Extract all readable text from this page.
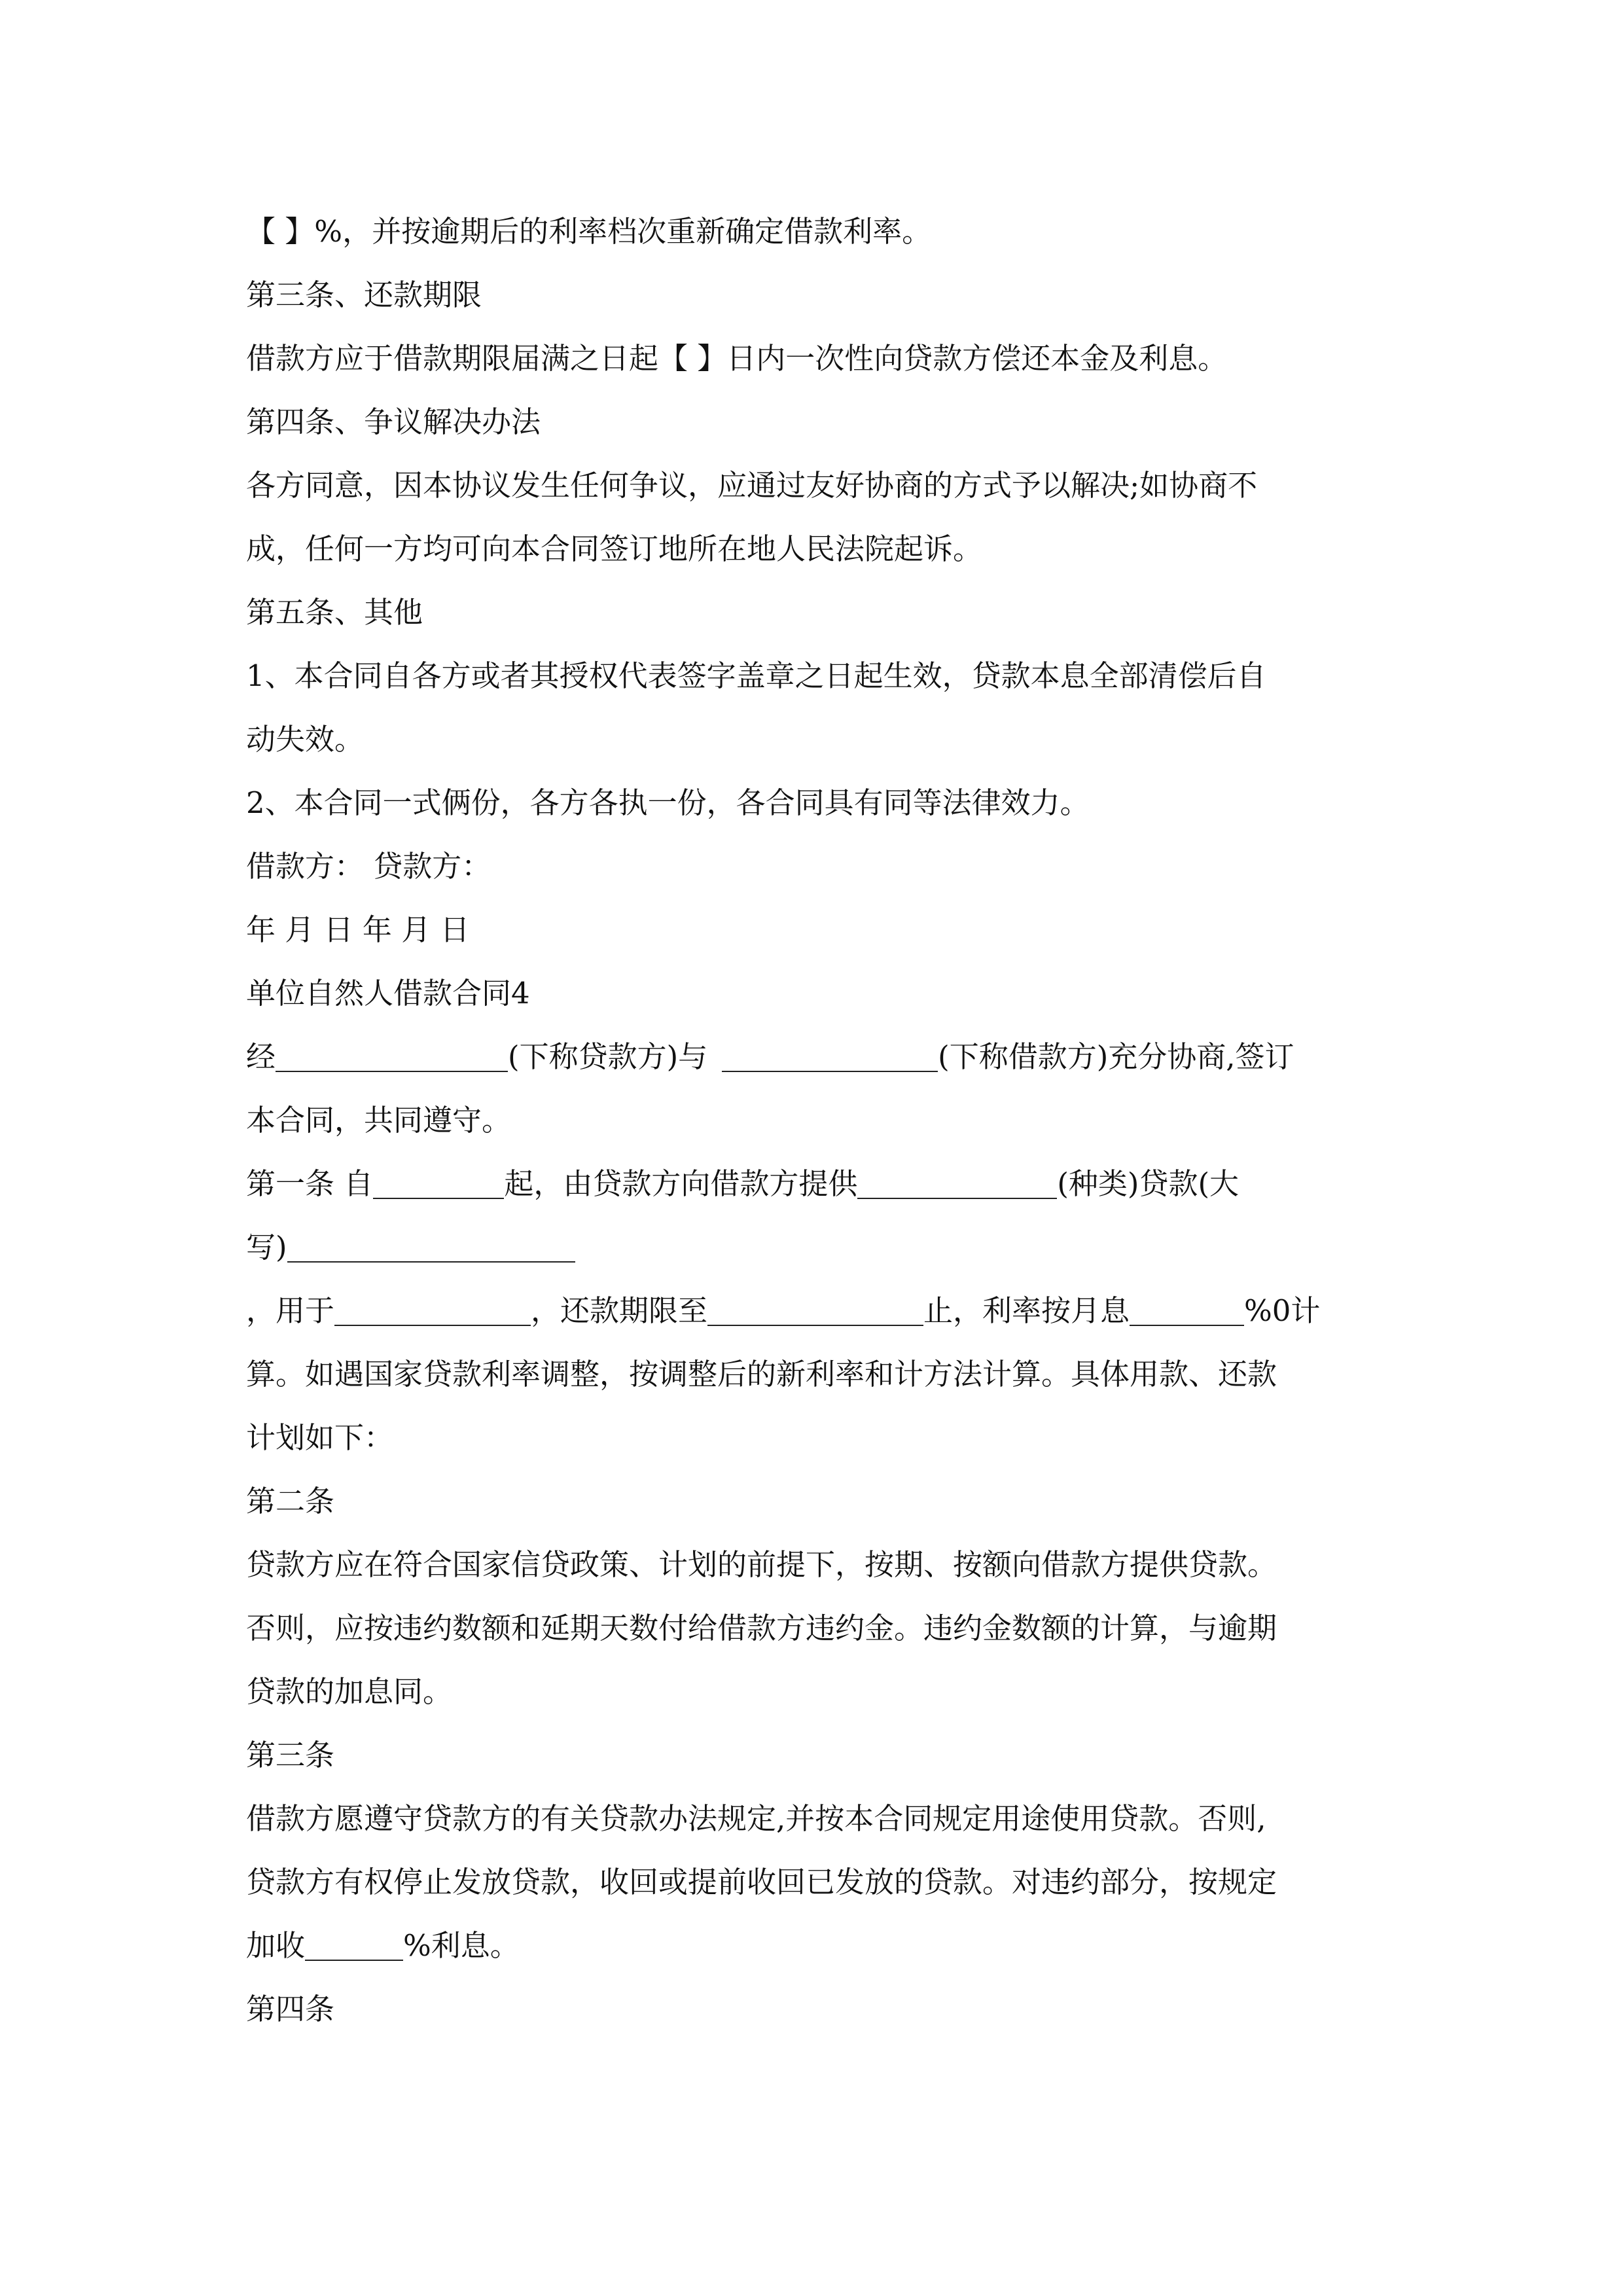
【 】%，并按逾期后的利率档次重新确定借款利率。

第三条、还款期限

借款方应于借款期限届满之日起【 】日内一次性向贷款方偿还本金及利息。

第四条、争议解决办法

各方同意，因本协议发生任何争议，应通过友好协商的方式予以解决;如协商不

成，任何一方均可向本合同签订地所在地人民法院起诉。

第五条、其他

1、本合同自各方或者其授权代表签字盖章之日起生效，贷款本息全部清偿后自

动失效。

2、本合同一式俩份，各方各执一份，各合同具有同等法律效力。

借款方： 贷款方：

年 月 日 年 月 日

单位自然人借款合同4

经	(下称贷款方)与	(下称借款方)充分协商,签订

本合同，共同遵守。

第一条 自	起，由贷款方向借款方提供	(种类)贷款(大

写)

，用于	，还款期限至	止，利率按月息	%0计

算。如遇国家贷款利率调整，按调整后的新利率和计方法计算。具体用款、还款

计划如下：

第二条

贷款方应在符合国家信贷政策、计划的前提下，按期、按额向借款方提供贷款。

否则，应按违约数额和延期天数付给借款方违约金。违约金数额的计算，与逾期

贷款的加息同。

第三条

借款方愿遵守贷款方的有关贷款办法规定,并按本合同规定用途使用贷款。否则,

贷款方有权停止发放贷款，收回或提前收回已发放的贷款。对违约部分，按规定

加收	%利息。

第四条
